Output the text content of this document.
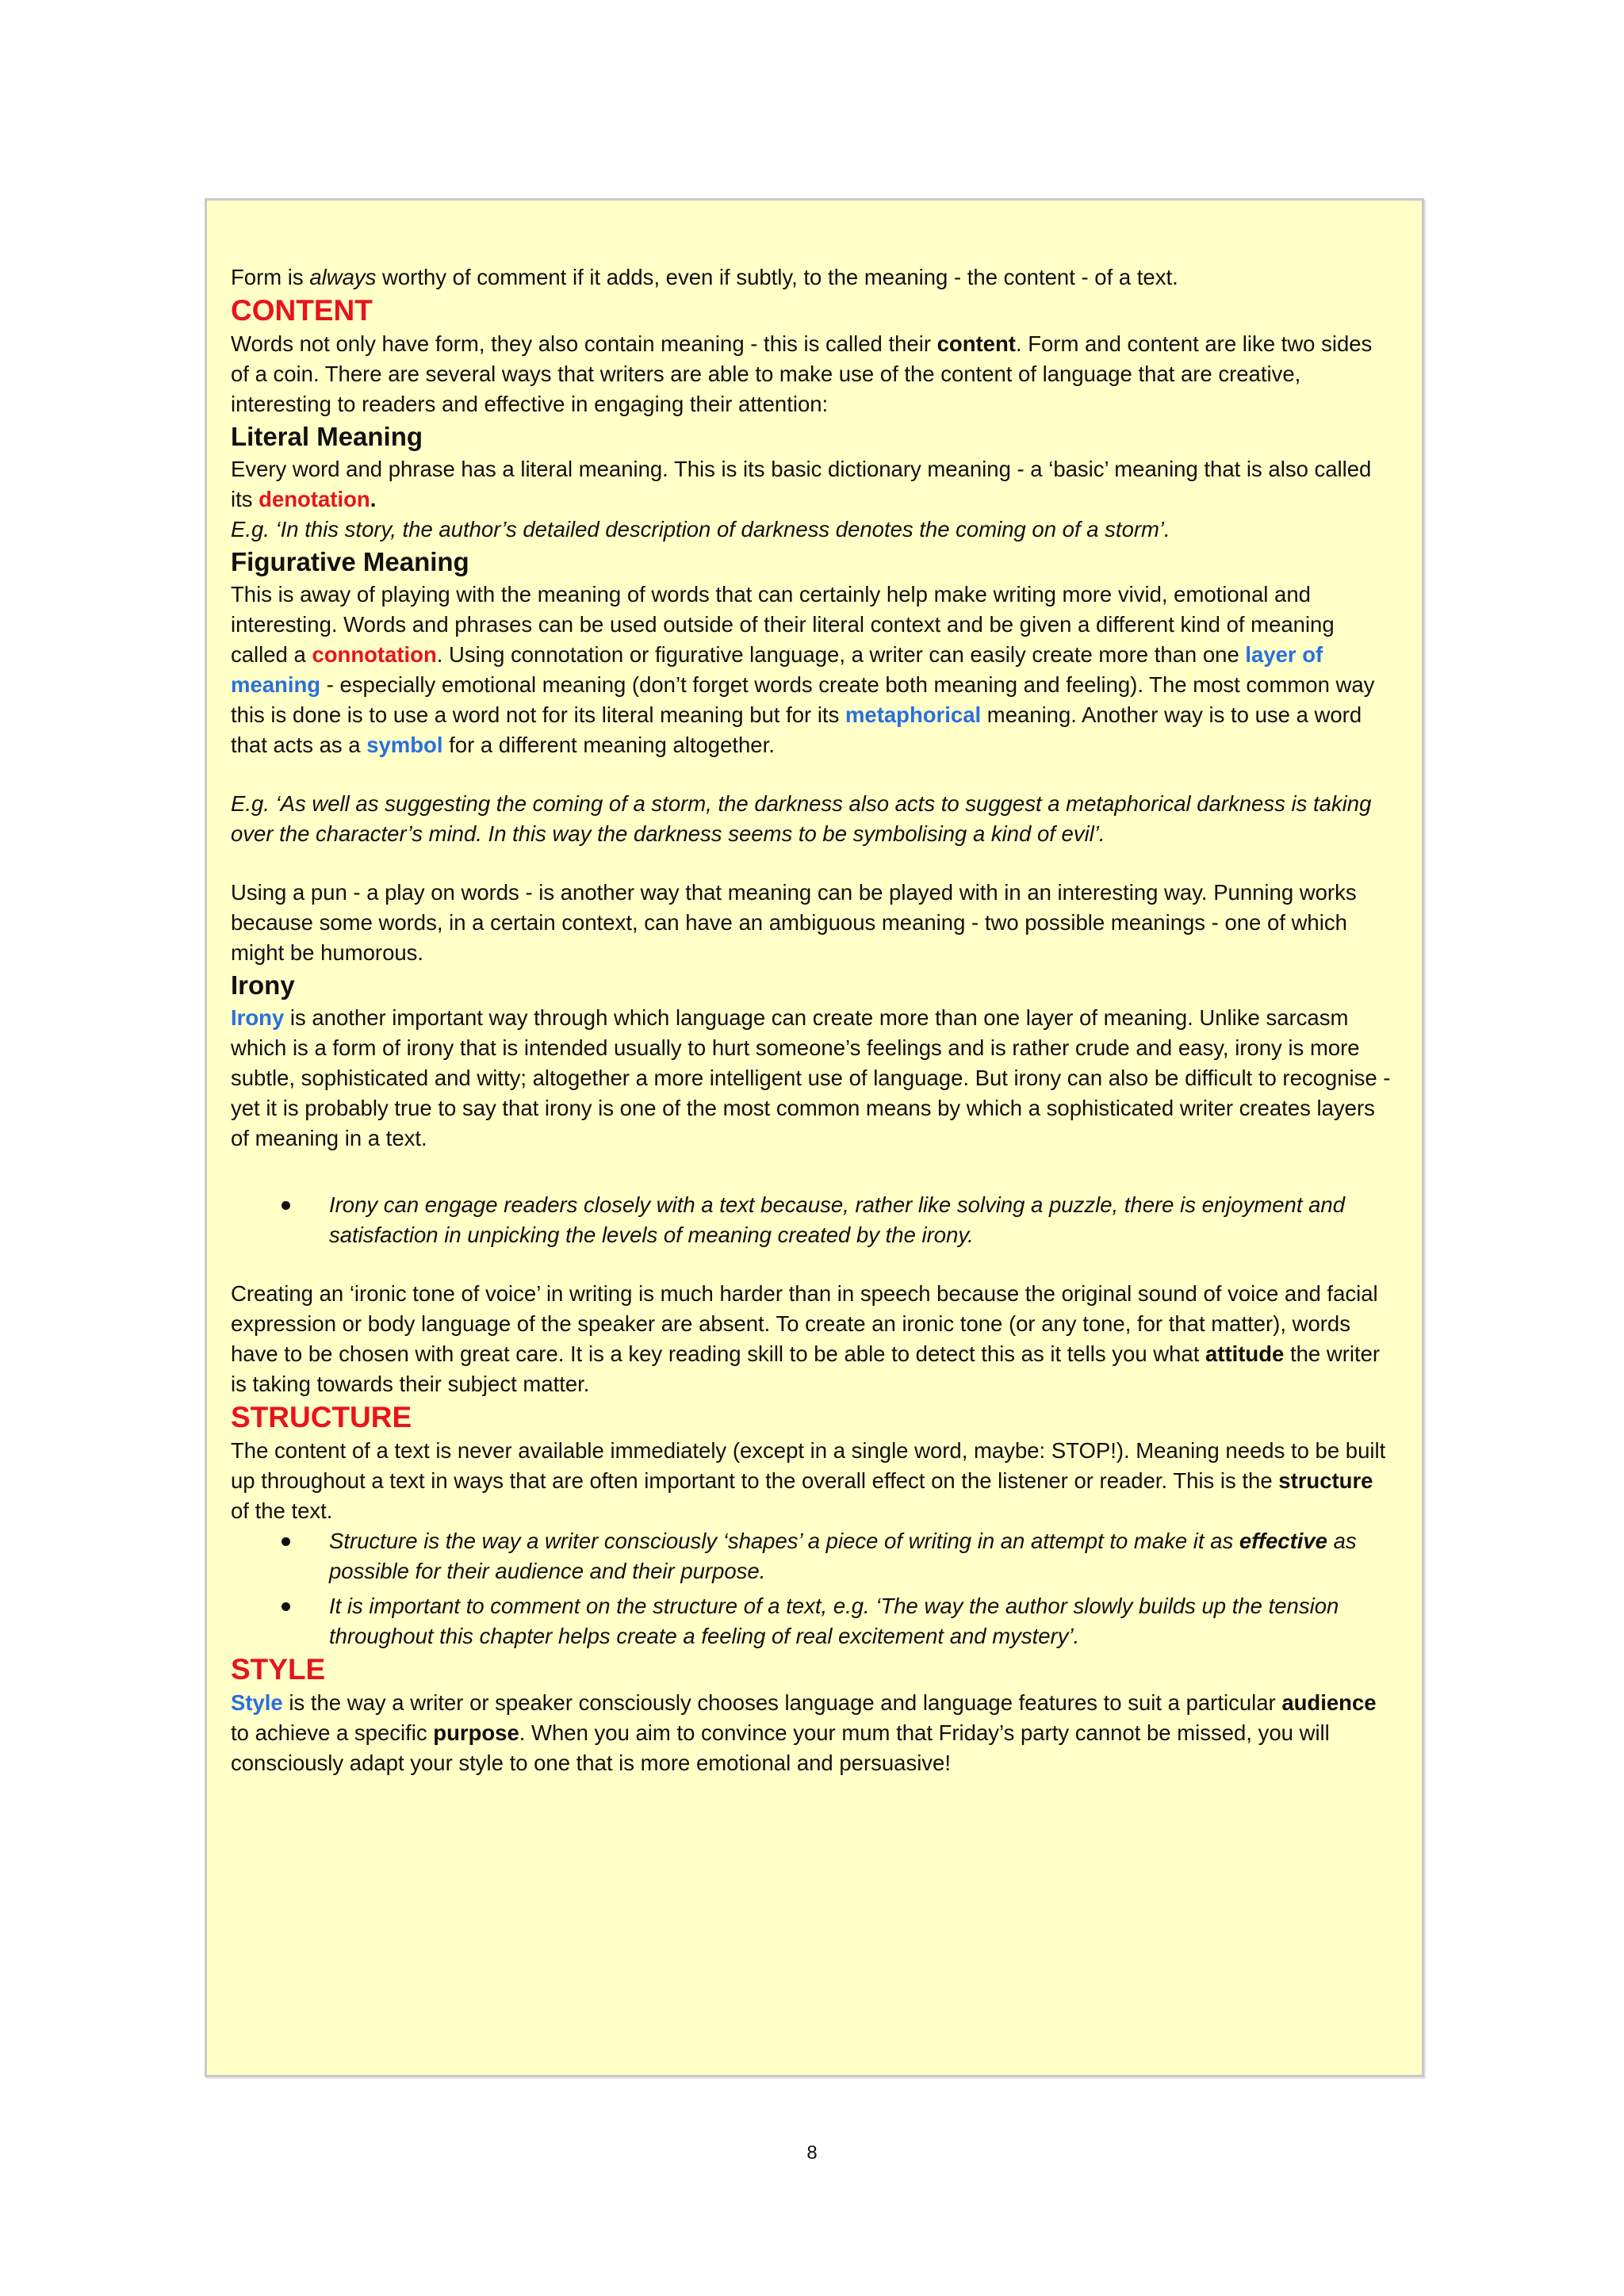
Form is always worthy of comment if it adds, even if subtly, to the meaning - the content - of a text.

CONTENT

Words not only have form, they also contain meaning - this is called their content. Form and content are like two sides of a coin. There are several ways that writers are able to make use of the content of language that are creative, interesting to readers and effective in engaging their attention:

Literal Meaning

Every word and phrase has a literal meaning. This is its basic dictionary meaning - a ‘basic’ meaning that is also called its denotation.

E.g. ‘In this story, the author’s detailed description of darkness denotes the coming on of a storm’.

Figurative Meaning

This is away of playing with the meaning of words that can certainly help make writing more vivid, emotional and interesting. Words and phrases can be used outside of their literal context and be given a different kind of meaning called a connotation. Using connotation or figurative language, a writer can easily create more than one layer of meaning - especially emotional meaning (don’t forget words create both meaning and feeling). The most common way this is done is to use a word not for its literal meaning but for its metaphorical meaning. Another way is to use a word that acts as a symbol for a different meaning altogether.

E.g. ‘As well as suggesting the coming of a storm, the darkness also acts to suggest a metaphorical darkness is taking over the character’s mind. In this way the darkness seems to be symbolising a kind of evil’.

Using a pun - a play on words - is another way that meaning can be played with in an interesting way. Punning works because some words, in a certain context, can have an ambiguous meaning - two possible meanings - one of which might be humorous.

Irony

Irony is another important way through which language can create more than one layer of meaning. Unlike sarcasm which is a form of irony that is intended usually to hurt someone’s feelings and is rather crude and easy, irony is more subtle, sophisticated and witty; altogether a more intelligent use of language. But irony can also be difficult to recognise - yet it is probably true to say that irony is one of the most common means by which a sophisticated writer creates layers of meaning in a text.

Irony can engage readers closely with a text because, rather like solving a puzzle, there is enjoyment and satisfaction in unpicking the levels of meaning created by the irony.

Creating an ‘ironic tone of voice’ in writing is much harder than in speech because the original sound of voice and facial expression or body language of the speaker are absent. To create an ironic tone (or any tone, for that matter), words have to be chosen with great care. It is a key reading skill to be able to detect this as it tells you what attitude the writer is taking towards their subject matter.

STRUCTURE

The content of a text is never available immediately (except in a single word, maybe: STOP!). Meaning needs to be built up throughout a text in ways that are often important to the overall effect on the listener or reader. This is the structure of the text.

Structure is the way a writer consciously ‘shapes’ a piece of writing in an attempt to make it as effective as possible for their audience and their purpose.
It is important to comment on the structure of a text, e.g. ‘The way the author slowly builds up the tension throughout this chapter helps create a feeling of real excitement and mystery’.
STYLE

Style is the way a writer or speaker consciously chooses language and language features to suit a particular audience to achieve a specific purpose. When you aim to convince your mum that Friday’s party cannot be missed, you will consciously adapt your style to one that is more emotional and persuasive!

8
